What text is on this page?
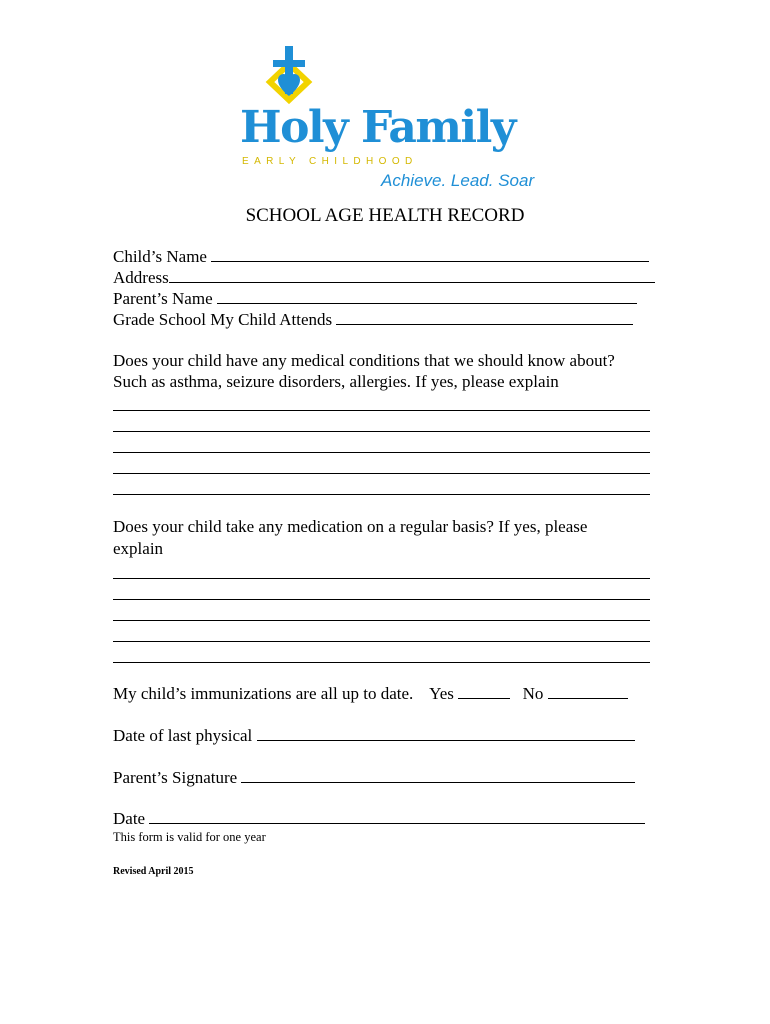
Holy Family
EARLY CHILDHOOD
Achieve. Lead. Soar
SCHOOL AGE HEALTH RECORD
Child’s Name
Address
Parent’s Name
Grade School My Child Attends
Does your child have any medical conditions that we should know about?
Such as asthma, seizure disorders, allergies. If yes, please explain
Does your child take any medication on a regular basis? If yes, please
explain
My child’s immunizations are all up to date. Yes	No
Date of last physical
Parent’s Signature
Date
This form is valid for one year
Revised April 2015
